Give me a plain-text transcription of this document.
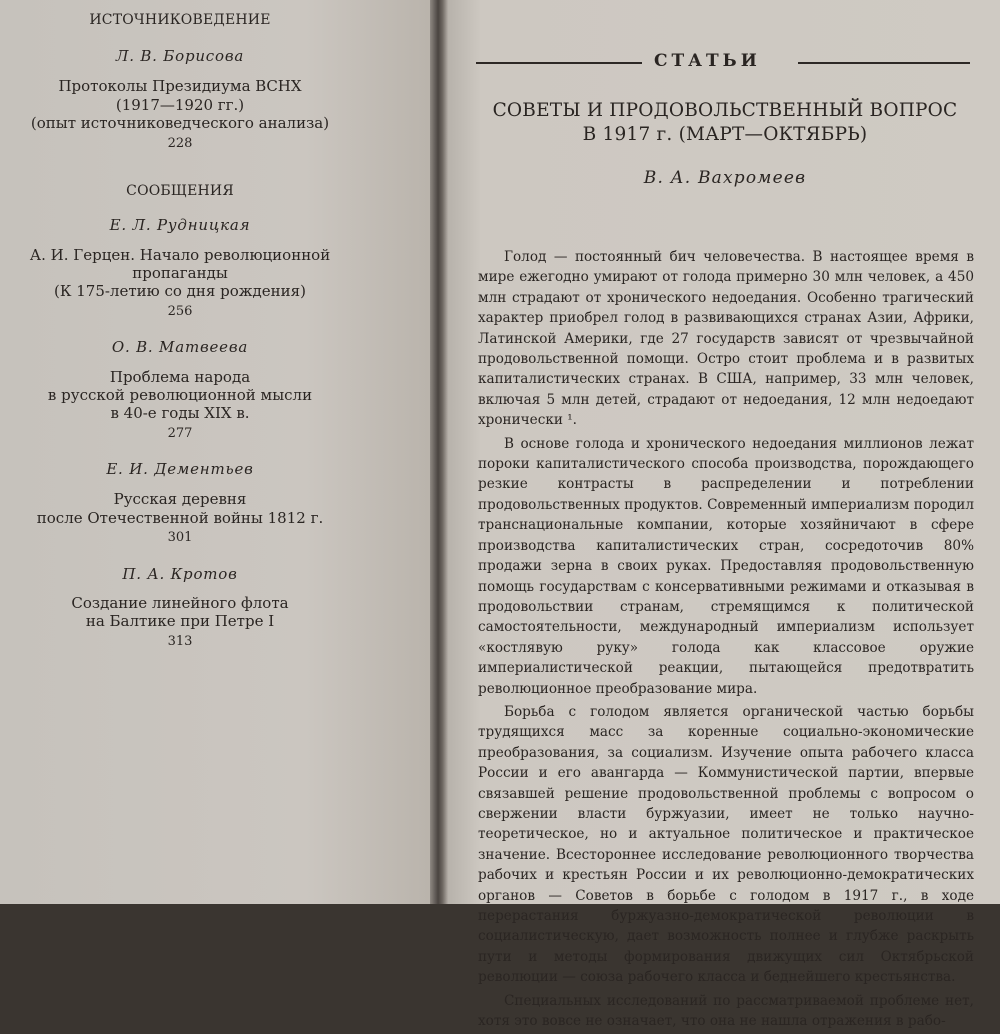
ИСТОЧНИКОВЕДЕНИЕ
Л. В. Борисова
Протоколы Президиума ВСНХ
(1917—1920 гг.)
(опыт источниковедческого анализа)
228
СООБЩЕНИЯ
Е. Л. Рудницкая
А. И. Герцен. Начало революционной
пропаганды
(К 175-летию со дня рождения)
256
О. В. Матвеева
Проблема народа
в русской революционной мысли
в 40-е годы XIX в.
277
Е. И. Дементьев
Русская деревня
после Отечественной войны 1812 г.
301
П. А. Кротов
Создание линейного флота
на Балтике при Петре I
313
СТАТЬИ
СОВЕТЫ И ПРОДОВОЛЬСТВЕННЫЙ ВОПРОС
В 1917 г. (МАРТ—ОКТЯБРЬ)
В. А. Вахромеев

Голод — постоянный бич человечества. В настоящее время в мире ежегодно умирают от голода примерно 30 млн человек, а 450 млн страдают от хронического недоедания. Особенно трагический характер приобрел голод в развивающихся странах Азии, Африки, Латинской Америки, где 27 государств зависят от чрезвычайной продовольственной помощи. Остро стоит проблема и в развитых капиталистических странах. В США, например, 33 млн человек, включая 5 млн детей, страдают от недоедания, 12 млн недоедают хронически ¹.

В основе голода и хронического недоедания миллионов лежат пороки капиталистического способа производства, порождающего резкие контрасты в распределении и потреблении продовольственных продуктов. Современный империализм породил транснациональные компании, которые хозяйничают в сфере производства капиталистических стран, сосредоточив 80% продажи зерна в своих руках. Предоставляя продовольственную помощь государствам с консервативными режимами и отказывая в продовольствии странам, стремящимся к политической самостоятельности, международный империализм использует «костлявую руку» голода как классовое оружие империалистической реакции, пытающейся предотвратить революционное преобразование мира.

Борьба с голодом является органической частью борьбы трудящихся масс за коренные социально-экономические преобразования, за социализм. Изучение опыта рабочего класса России и его авангарда — Коммунистической партии, впервые связавшей решение продовольственной проблемы с вопросом о свержении власти буржуазии, имеет не только научно-теоретическое, но и актуальное политическое и практическое значение. Всестороннее исследование революционного творчества рабочих и крестьян России и их революционно-демократических органов — Советов в борьбе с голодом в 1917 г., в ходе перерастания буржуазно-демократической революции в социалистическую, дает возможность полнее и глубже раскрыть пути и методы формирования движущих сил Октябрьской революции — союза рабочего класса и беднейшего крестьянства.

Специальных исследований по рассматриваемой проблеме нет, хотя это вовсе не означает, что она не нашла отражения в рабо-
